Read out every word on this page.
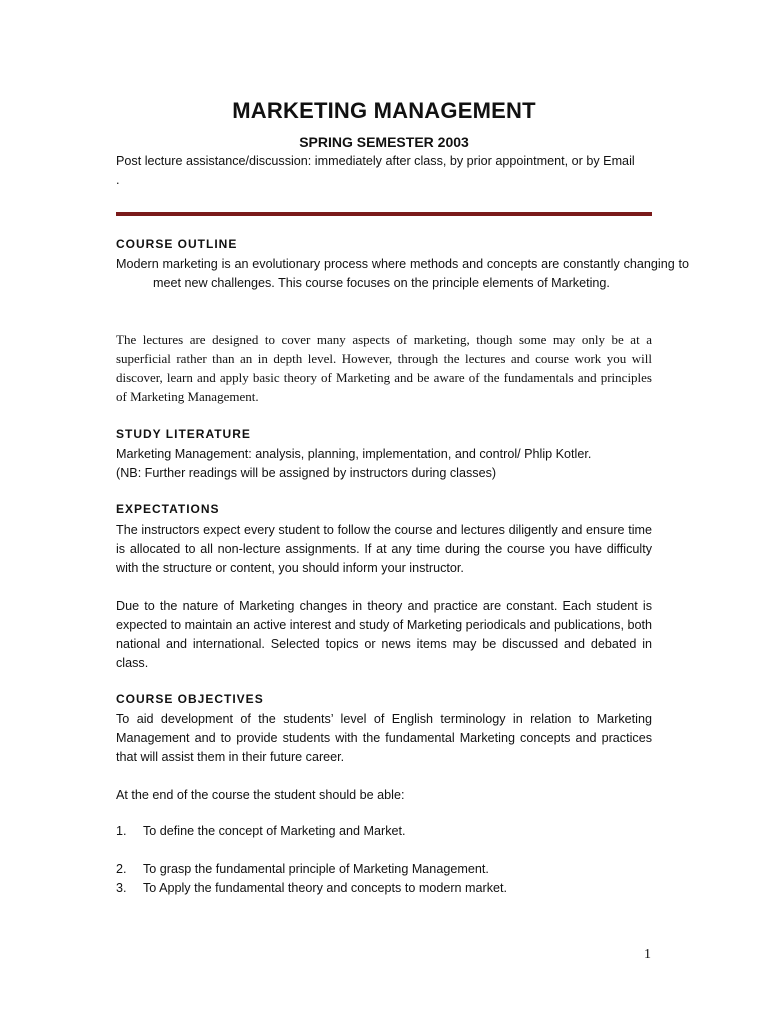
MARKETING MANAGEMENT
SPRING SEMESTER 2003
Post lecture assistance/discussion: immediately after class, by prior appointment, or by Email
.
COURSE OUTLINE
Modern marketing is an evolutionary process where methods and concepts are constantly changing to meet new challenges. This course focuses on the principle elements of Marketing.
The lectures are designed to cover many aspects of marketing, though some may only be at a superficial rather than an in depth level. However, through the lectures and course work you will discover, learn and apply basic theory of Marketing and be aware of the fundamentals and principles of Marketing Management.
STUDY LITERATURE
Marketing Management: analysis, planning, implementation, and control/ Phlip Kotler.
(NB: Further readings will be assigned by instructors during classes)
EXPECTATIONS
The instructors expect every student to follow the course and lectures diligently and ensure time is allocated to all non-lecture assignments. If at any time during the course you have difficulty with the structure or content, you should inform your instructor.
Due to the nature of Marketing changes in theory and practice are constant. Each student is expected to maintain an active interest and study of Marketing periodicals and publications, both national and international. Selected topics or news items may be discussed and debated in class.
COURSE OBJECTIVES
To aid development of the students’ level of English terminology in relation to Marketing Management and to provide students with the fundamental Marketing concepts and practices that will assist them in their future career.
At the end of the course the student should be able:
1. To define the concept of Marketing and Market.
2. To grasp the fundamental principle of Marketing Management.
3. To Apply the fundamental theory and concepts to modern market.
1
